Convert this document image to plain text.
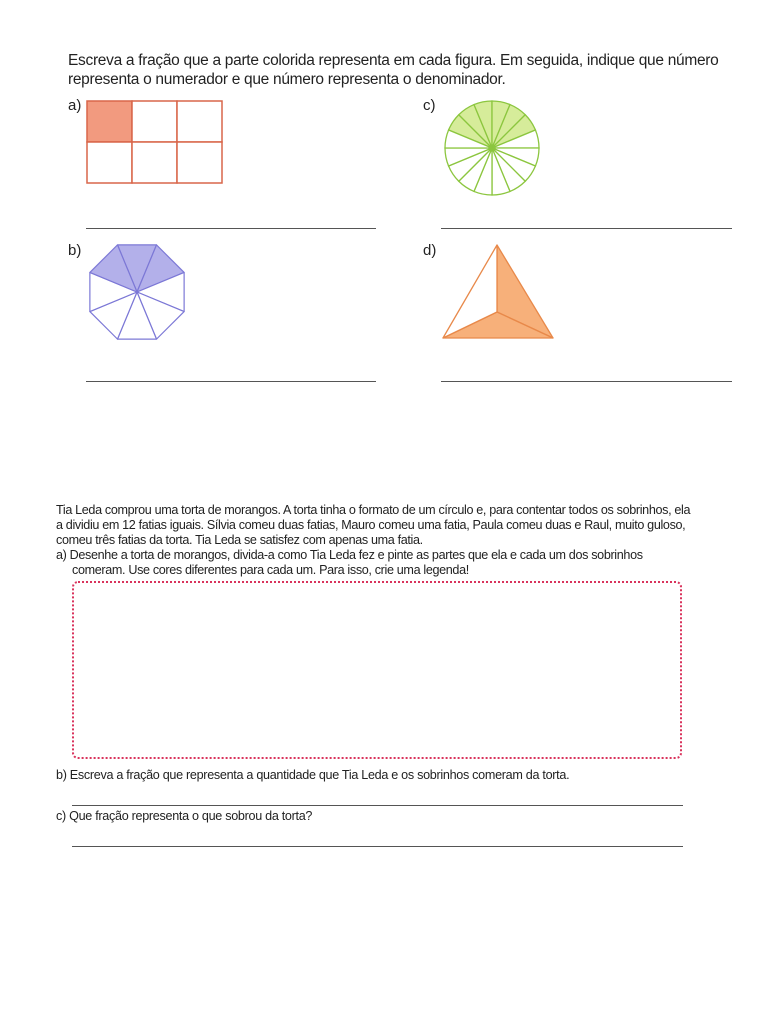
Escreva a fração que a parte colorida representa em cada figura. Em seguida, indique que número representa o numerador e que número representa o denominador.
a)	c)
b)	d)

Tia Leda comprou uma torta de morangos. A torta tinha o formato de um círculo e, para contentar todos os sobrinhos, ela a dividiu em 12 fatias iguais. Sílvia comeu duas fatias, Mauro comeu uma fatia, Paula comeu duas e Raul, muito guloso, comeu três fatias da torta. Tia Leda se satisfez com apenas uma fatia.

a) Desenhe a torta de morangos, divida-a como Tia Leda fez e pinte as partes que ela e cada um dos sobrinhos comeram. Use cores diferentes para cada um. Para isso, crie uma legenda!

b) Escreva a fração que representa a quantidade que Tia Leda e os sobrinhos comeram da torta.
c) Que fração representa o que sobrou da torta?
